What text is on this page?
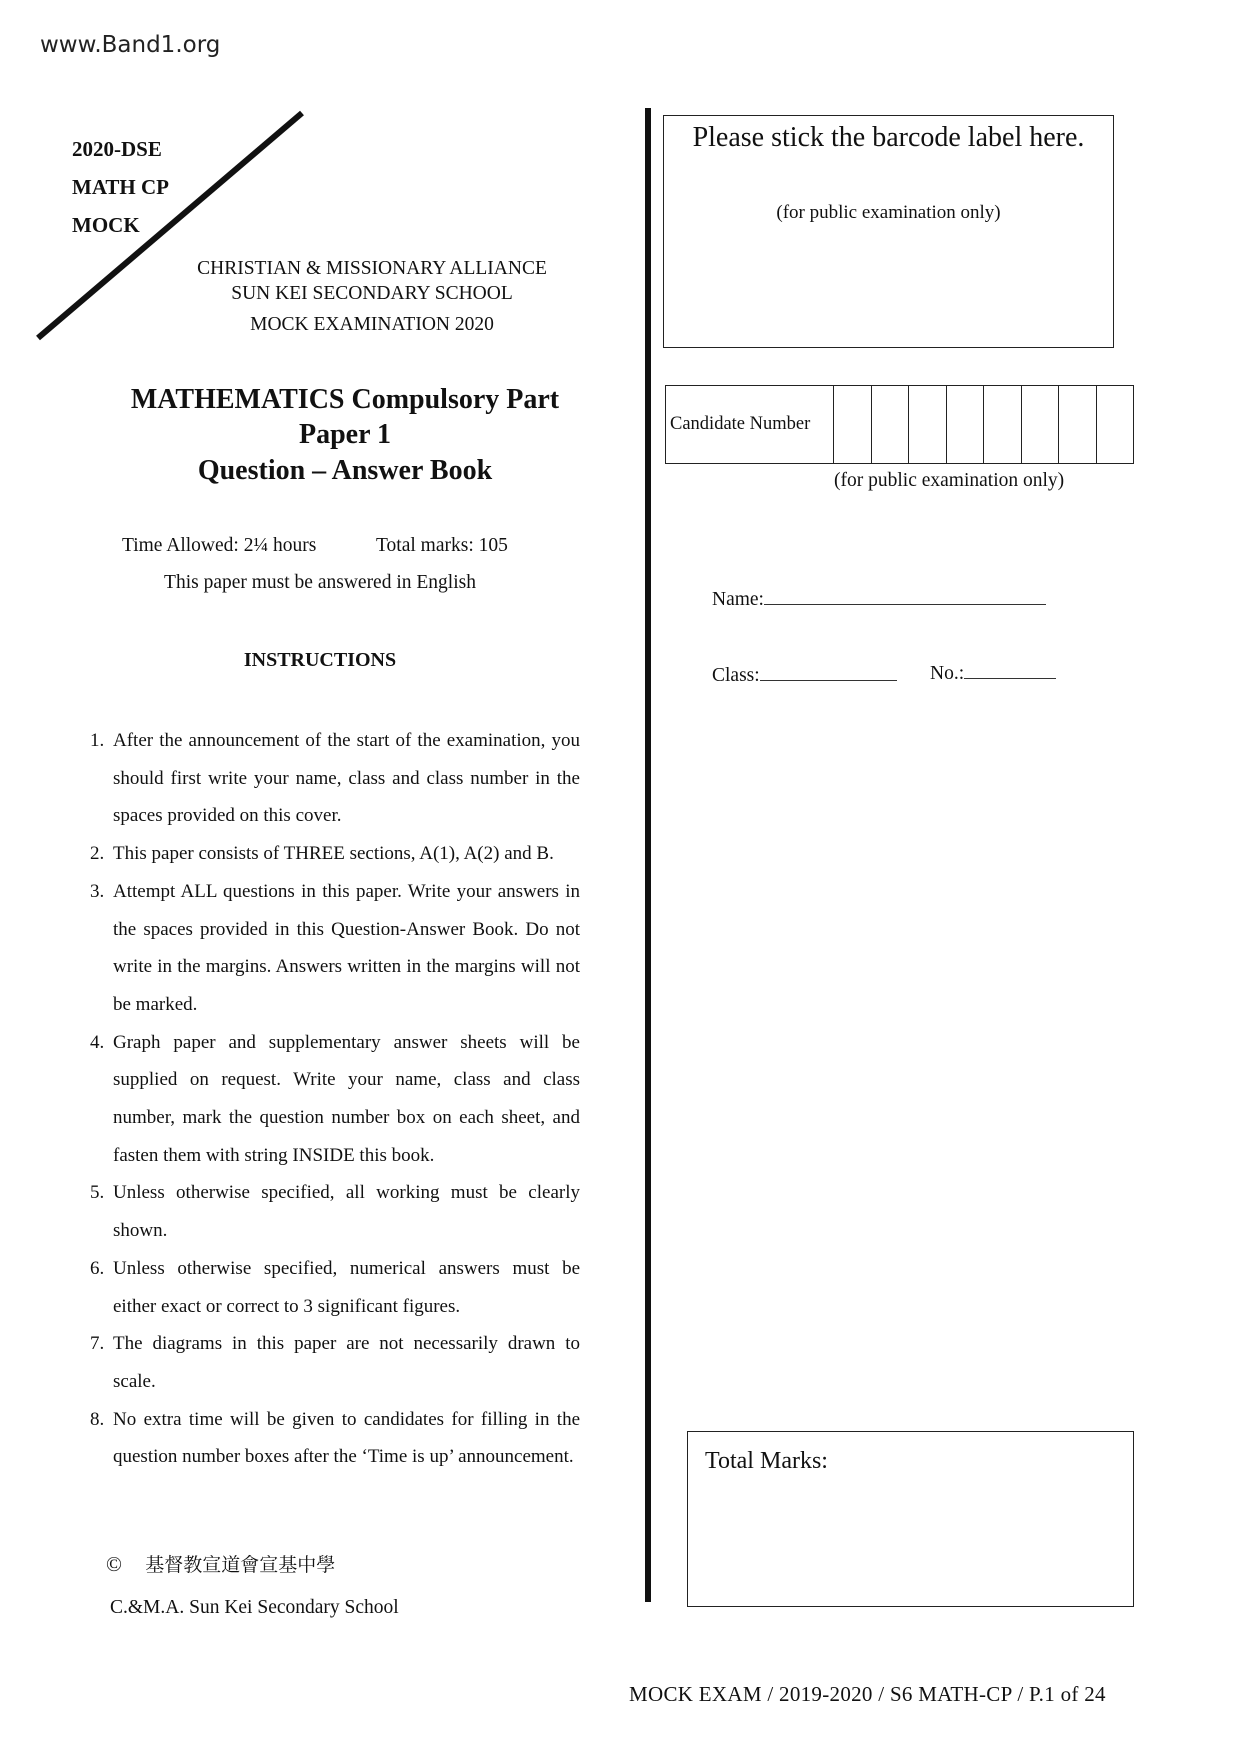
www.Band1.org
2020-DSE
MATH CP
MOCK
CHRISTIAN & MISSIONARY ALLIANCE
SUN KEI SECONDARY SCHOOL
MOCK EXAMINATION 2020
MATHEMATICS Compulsory Part
Paper 1
Question – Answer Book
Time Allowed: 2¼ hours	Total marks: 105
This paper must be answered in English
INSTRUCTIONS
1. After the announcement of the start of the examination, you should first write your name, class and class number in the spaces provided on this cover.
2. This paper consists of THREE sections, A(1), A(2) and B.
3. Attempt ALL questions in this paper. Write your answers in the spaces provided in this Question-Answer Book. Do not write in the margins. Answers written in the margins will not be marked.
4. Graph paper and supplementary answer sheets will be supplied on request. Write your name, class and class number, mark the question number box on each sheet, and fasten them with string INSIDE this book.
5. Unless otherwise specified, all working must be clearly shown.
6. Unless otherwise specified, numerical answers must be either exact or correct to 3 significant figures.
7. The diagrams in this paper are not necessarily drawn to scale.
8. No extra time will be given to candidates for filling in the question number boxes after the ‘Time is up’ announcement.
© 基督教宣道會宣基中學
C.&M.A. Sun Kei Secondary School
Please stick the barcode label here.
(for public examination only)
Candidate Number
(for public examination only)
Name:
Class:	No.:
Total Marks:
MOCK EXAM / 2019-2020 / S6 MATH-CP / P.1 of 24
